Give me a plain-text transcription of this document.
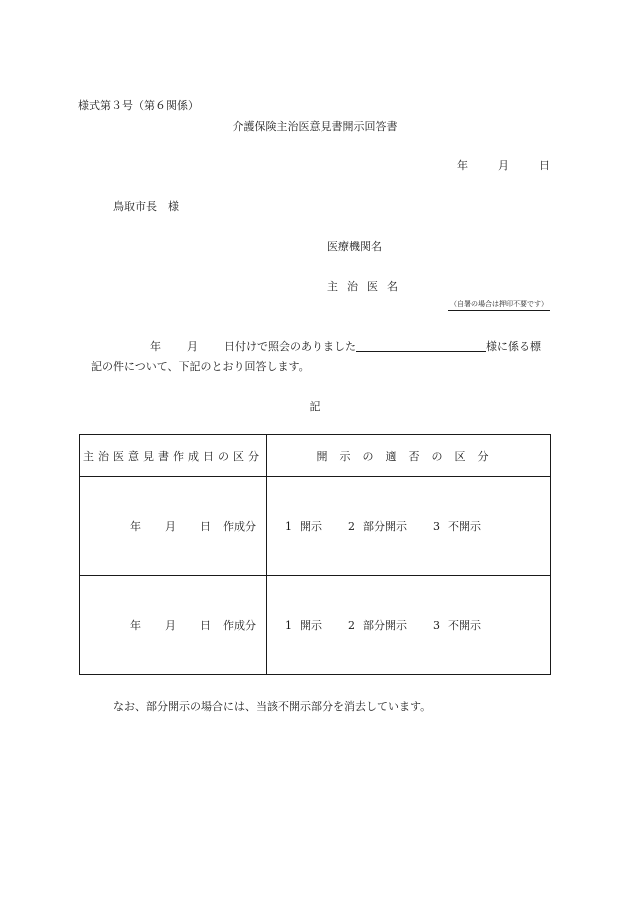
様式第３号（第６関係）
介護保険主治医意見書開示回答書
年	月	日
鳥取市長　様
医療機関名
主 治 医 名
（自署の場合は押印不要です）
年 月 日付けで照会のありました	様に係る標
記の件について、下記のとおり回答します。
記
主治医意見書作成日の区分	開示の適否の区分
年 月 日 作成分	1 開示 2 部分開示 3 不開示
年 月 日 作成分	1 開示 2 部分開示 3 不開示
なお、部分開示の場合には、当該不開示部分を消去しています。
